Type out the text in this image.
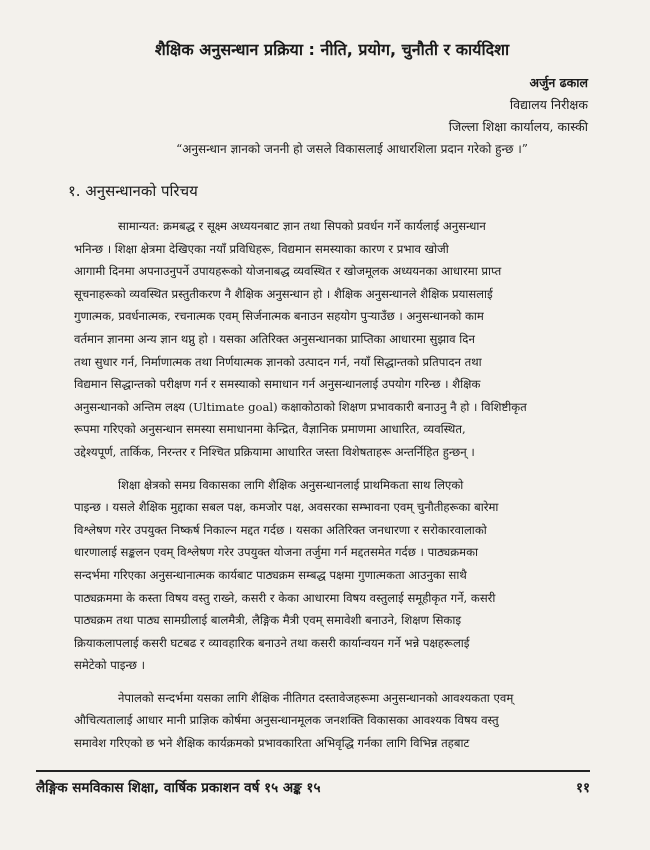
शैक्षिक अनुसन्धान प्रक्रिया : नीति, प्रयोग, चुनौती र कार्यदिशा
अर्जुन ढकाल
विद्यालय निरीक्षक
जिल्ला शिक्षा कार्यालय, कास्की
“अनुसन्धान ज्ञानको जननी हो जसले विकासलाई आधारशिला प्रदान गरेको हुन्छ ।”
१. अनुसन्धानको परिचय
सामान्यत: क्रमबद्ध र सूक्ष्म अध्ययनबाट ज्ञान तथा सिपको प्रवर्धन गर्ने कार्यलाई अनुसन्धान
भनिन्छ । शिक्षा क्षेत्रमा देखिएका नयाँ प्रविधिहरू, विद्यमान समस्याका कारण र प्रभाव खोजी
आगामी दिनमा अपनाउनुपर्ने उपायहरूको योजनाबद्ध व्यवस्थित र खोजमूलक अध्ययनका आधारमा प्राप्त
सूचनाहरूको व्यवस्थित प्रस्तुतीकरण नै शैक्षिक अनुसन्धान हो । शैक्षिक अनुसन्धानले शैक्षिक प्रयासलाई
गुणात्मक, प्रवर्धनात्मक, रचनात्मक एवम् सिर्जनात्मक बनाउन सहयोग पुऱ्याउँछ । अनुसन्धानको काम
वर्तमान ज्ञानमा अन्य ज्ञान थप्नु हो । यसका अतिरिक्त अनुसन्धानका प्राप्तिका आधारमा सुझाव दिन
तथा सुधार गर्न, निर्माणात्मक तथा निर्णयात्मक ज्ञानको उत्पादन गर्न, नयाँ सिद्धान्तको प्रतिपादन तथा
विद्यमान सिद्धान्तको परीक्षण गर्न र समस्याको समाधान गर्न अनुसन्धानलाई उपयोग गरिन्छ । शैक्षिक
अनुसन्धानको अन्तिम लक्ष्य (Ultimate goal) कक्षाकोठाको शिक्षण प्रभावकारी बनाउनु नै हो । विशिष्टीकृत
रूपमा गरिएको अनुसन्धान समस्या समाधानमा केन्द्रित, वैज्ञानिक प्रमाणमा आधारित, व्यवस्थित,
उद्देश्यपूर्ण, तार्किक, निरन्तर र निश्चित प्रक्रियामा आधारित जस्ता विशेषताहरू अन्तर्निहित हुन्छन् ।
शिक्षा क्षेत्रको समग्र विकासका लागि शैक्षिक अनुसन्धानलाई प्राथमिकता साथ लिएको
पाइन्छ । यसले शैक्षिक मुद्दाका सबल पक्ष, कमजोर पक्ष, अवसरका सम्भावना एवम् चुनौतीहरूका बारेमा
विश्लेषण गरेर उपयुक्त निष्कर्ष निकाल्न मद्दत गर्दछ । यसका अतिरिक्त जनधारणा र सरोकारवालाको
धारणालाई सङ्कलन एवम् विश्लेषण गरेर उपयुक्त योजना तर्जुमा गर्न मद्दतसमेत गर्दछ । पाठ्यक्रमका
सन्दर्भमा गरिएका अनुसन्धानात्मक कार्यबाट पाठ्यक्रम सम्बद्ध पक्षमा गुणात्मकता आउनुका साथै
पाठ्यक्रममा के कस्ता विषय वस्तु राख्ने, कसरी र केका आधारमा विषय वस्तुलाई समूहीकृत गर्ने, कसरी
पाठ्यक्रम तथा पाठ्य सामग्रीलाई बालमैत्री, लैङ्गिक मैत्री एवम् समावेशी बनाउने, शिक्षण सिकाइ
क्रियाकलापलाई कसरी घटबढ र व्यावहारिक बनाउने तथा कसरी कार्यान्वयन गर्ने भन्ने पक्षहरूलाई
समेटेको पाइन्छ ।
नेपालको सन्दर्भमा यसका लागि शैक्षिक नीतिगत दस्तावेजहरूमा अनुसन्धानको आवश्यकता एवम्
औचित्यतालाई आधार मानी प्राज्ञिक कोर्षमा अनुसन्धानमूलक जनशक्ति विकासका आवश्यक विषय वस्तु
समावेश गरिएको छ भने शैक्षिक कार्यक्रमको प्रभावकारिता अभिवृद्धि गर्नका लागि विभिन्न तहबाट
लैङ्गिक समविकास शिक्षा, वार्षिक प्रकाशन वर्ष १५ अङ्क १५	११
